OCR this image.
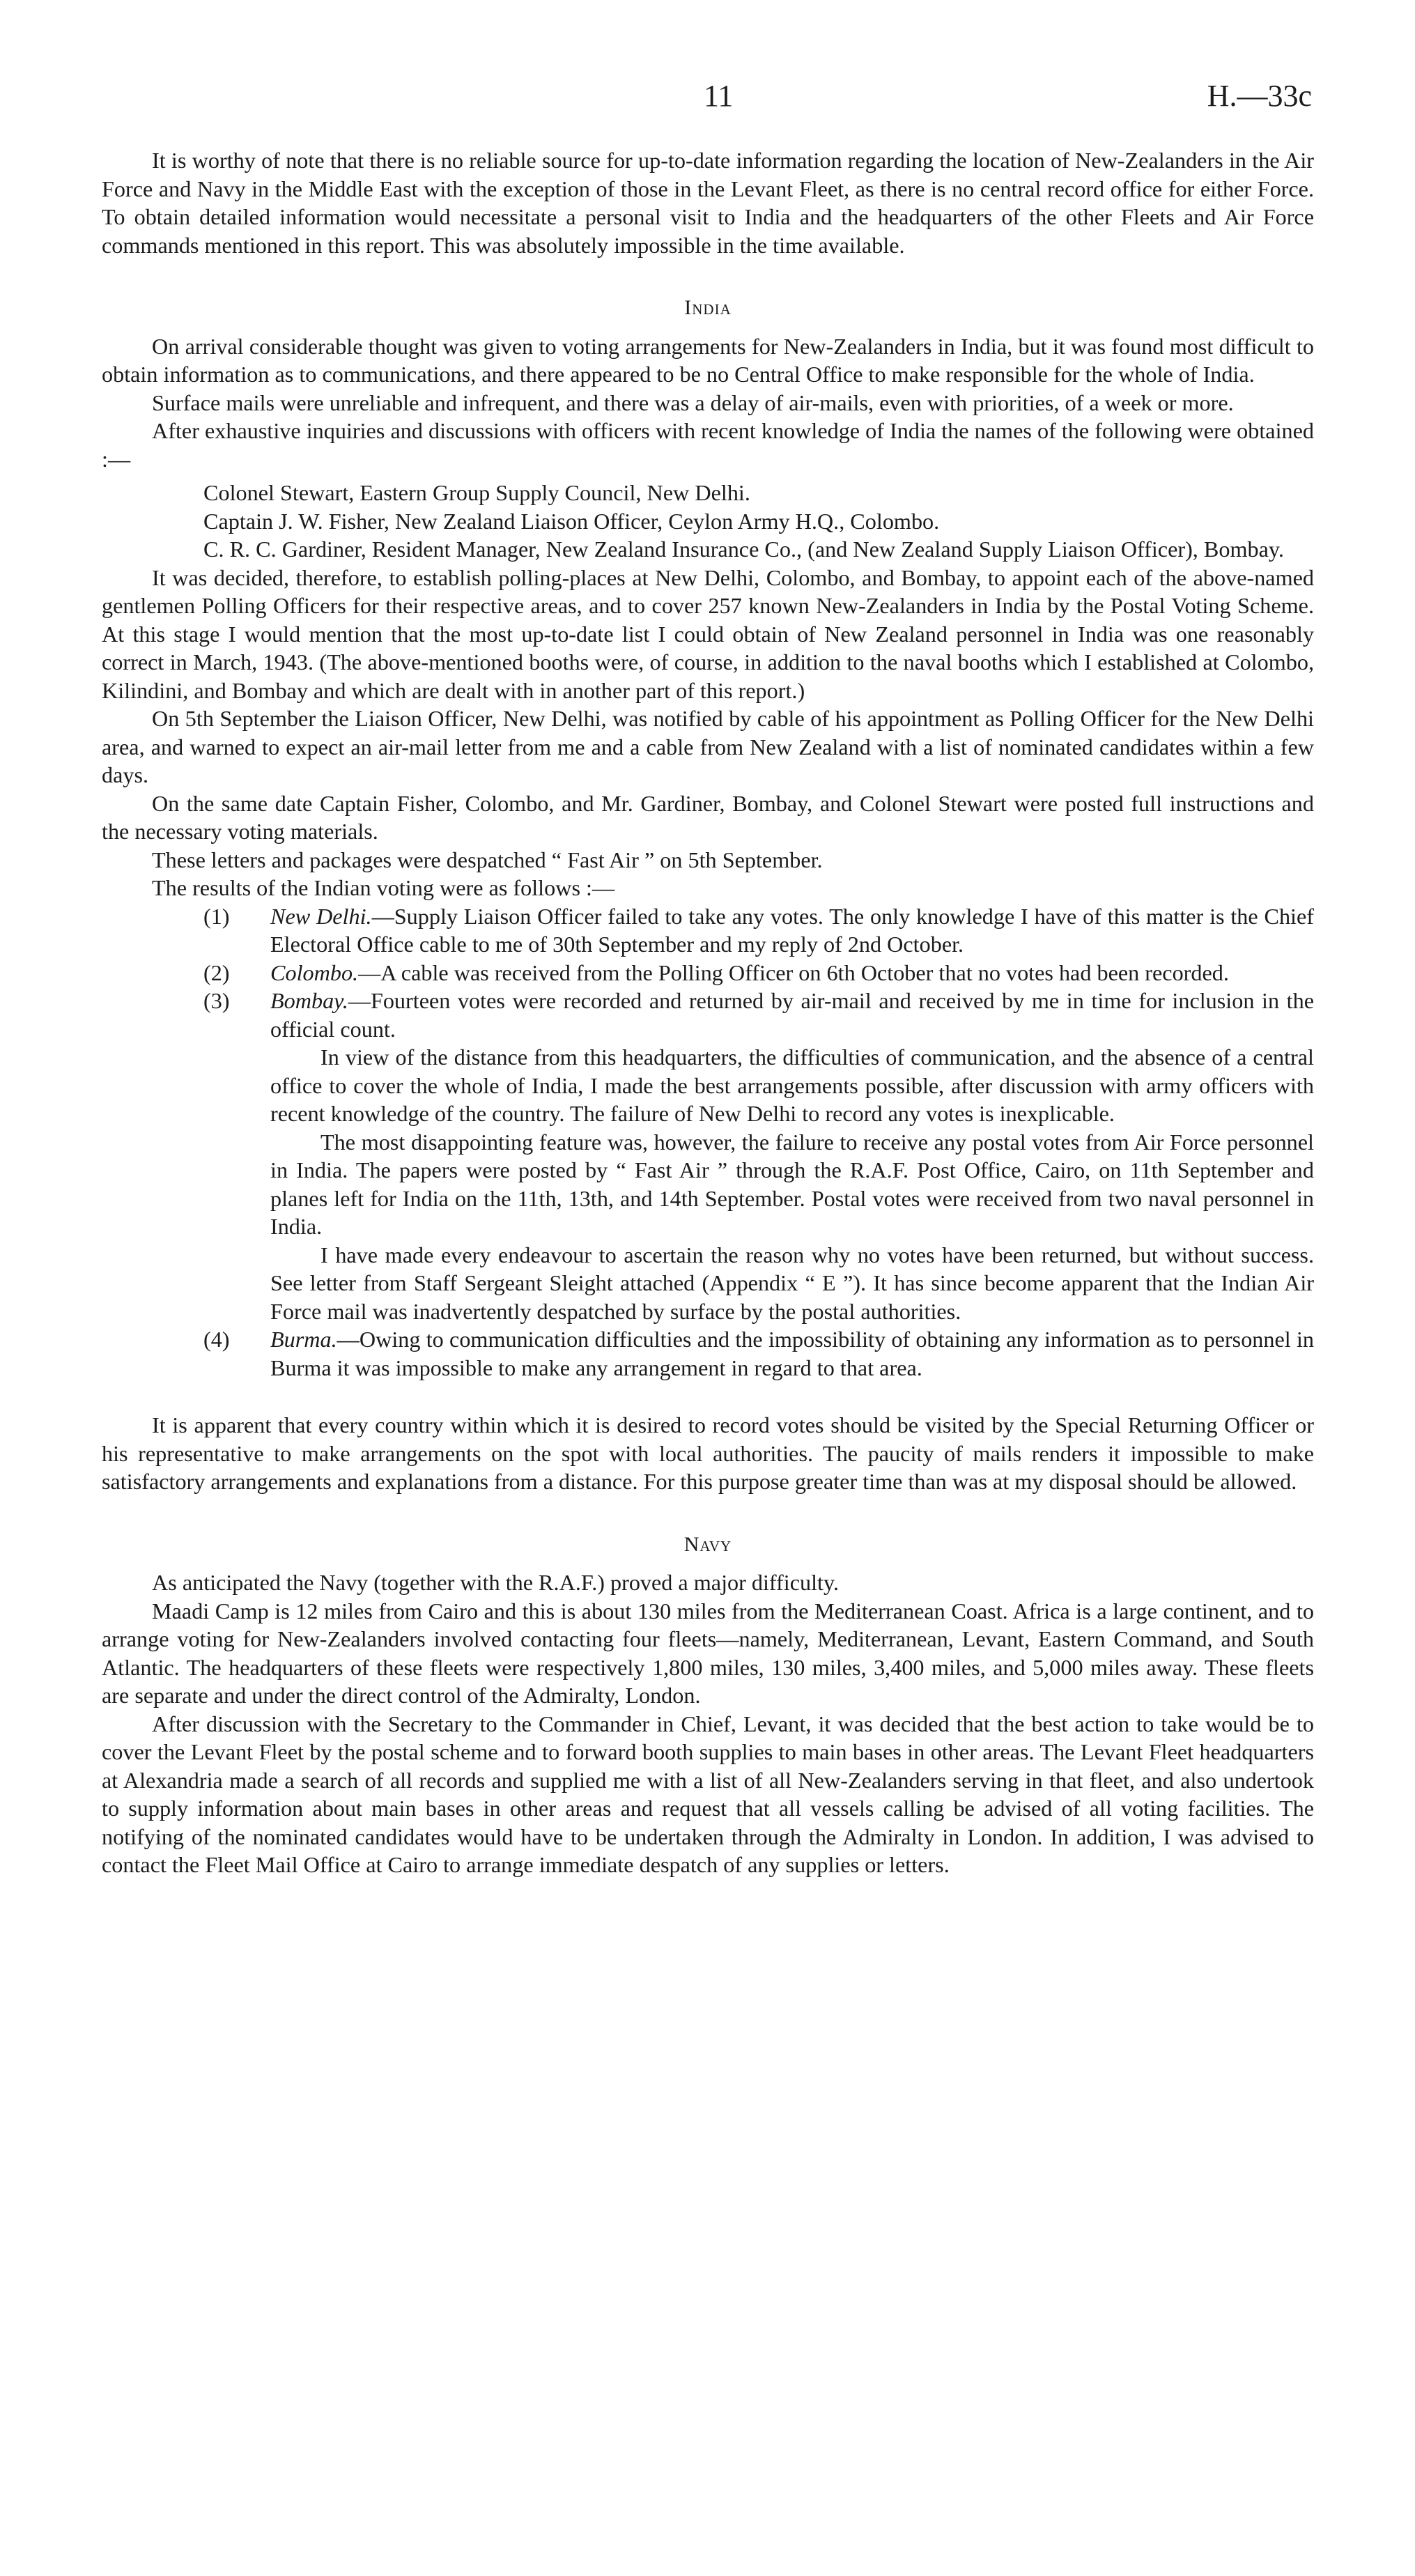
11	H.—33c

It is worthy of note that there is no reliable source for up-to-date information regarding the location of New-Zealanders in the Air Force and Navy in the Middle East with the exception of those in the Levant Fleet, as there is no central record office for either Force. To obtain detailed information would necessitate a personal visit to India and the headquarters of the other Fleets and Air Force commands mentioned in this report. This was absolutely impossible in the time available.

India

On arrival considerable thought was given to voting arrangements for New-Zealanders in India, but it was found most difficult to obtain information as to communications, and there appeared to be no Central Office to make responsible for the whole of India.

Surface mails were unreliable and infrequent, and there was a delay of air-mails, even with priorities, of a week or more.

After exhaustive inquiries and discussions with officers with recent knowledge of India the names of the following were obtained :—

Colonel Stewart, Eastern Group Supply Council, New Delhi.
Captain J. W. Fisher, New Zealand Liaison Officer, Ceylon Army H.Q., Colombo.
C. R. C. Gardiner, Resident Manager, New Zealand Insurance Co., (and New Zealand Supply Liaison Officer), Bombay.

It was decided, therefore, to establish polling-places at New Delhi, Colombo, and Bombay, to appoint each of the above-named gentlemen Polling Officers for their respective areas, and to cover 257 known New-Zealanders in India by the Postal Voting Scheme. At this stage I would mention that the most up-to-date list I could obtain of New Zealand personnel in India was one reasonably correct in March, 1943. (The above-mentioned booths were, of course, in addition to the naval booths which I established at Colombo, Kilindini, and Bombay and which are dealt with in another part of this report.)

On 5th September the Liaison Officer, New Delhi, was notified by cable of his appointment as Polling Officer for the New Delhi area, and warned to expect an air-mail letter from me and a cable from New Zealand with a list of nominated candidates within a few days.

On the same date Captain Fisher, Colombo, and Mr. Gardiner, Bombay, and Colonel Stewart were posted full instructions and the necessary voting materials.

These letters and packages were despatched “ Fast Air ” on 5th September.

The results of the Indian voting were as follows :—

(1) New Delhi.—Supply Liaison Officer failed to take any votes. The only knowledge I have of this matter is the Chief Electoral Office cable to me of 30th September and my reply of 2nd October.
(2) Colombo.—A cable was received from the Polling Officer on 6th October that no votes had been recorded.
(3) Bombay.—Fourteen votes were recorded and returned by air-mail and received by me in time for inclusion in the official count.

In view of the distance from this headquarters, the difficulties of communication, and the absence of a central office to cover the whole of India, I made the best arrangements possible, after discussion with army officers with recent knowledge of the country. The failure of New Delhi to record any votes is inexplicable.

The most disappointing feature was, however, the failure to receive any postal votes from Air Force personnel in India. The papers were posted by “ Fast Air ” through the R.A.F. Post Office, Cairo, on 11th September and planes left for India on the 11th, 13th, and 14th September. Postal votes were received from two naval personnel in India.

I have made every endeavour to ascertain the reason why no votes have been returned, but without success. See letter from Staff Sergeant Sleight attached (Appendix “ E ”). It has since become apparent that the Indian Air Force mail was inadvertently despatched by surface by the postal authorities.

(4) Burma.—Owing to communication difficulties and the impossibility of obtaining any information as to personnel in Burma it was impossible to make any arrangement in regard to that area.

It is apparent that every country within which it is desired to record votes should be visited by the Special Returning Officer or his representative to make arrangements on the spot with local authorities. The paucity of mails renders it impossible to make satisfactory arrangements and explanations from a distance. For this purpose greater time than was at my disposal should be allowed.

Navy

As anticipated the Navy (together with the R.A.F.) proved a major difficulty.

Maadi Camp is 12 miles from Cairo and this is about 130 miles from the Mediterranean Coast. Africa is a large continent, and to arrange voting for New-Zealanders involved contacting four fleets—namely, Mediterranean, Levant, Eastern Command, and South Atlantic. The headquarters of these fleets were respectively 1,800 miles, 130 miles, 3,400 miles, and 5,000 miles away. These fleets are separate and under the direct control of the Admiralty, London.

After discussion with the Secretary to the Commander in Chief, Levant, it was decided that the best action to take would be to cover the Levant Fleet by the postal scheme and to forward booth supplies to main bases in other areas. The Levant Fleet headquarters at Alexandria made a search of all records and supplied me with a list of all New-Zealanders serving in that fleet, and also undertook to supply information about main bases in other areas and request that all vessels calling be advised of all voting facilities. The notifying of the nominated candidates would have to be undertaken through the Admiralty in London. In addition, I was advised to contact the Fleet Mail Office at Cairo to arrange immediate despatch of any supplies or letters.
